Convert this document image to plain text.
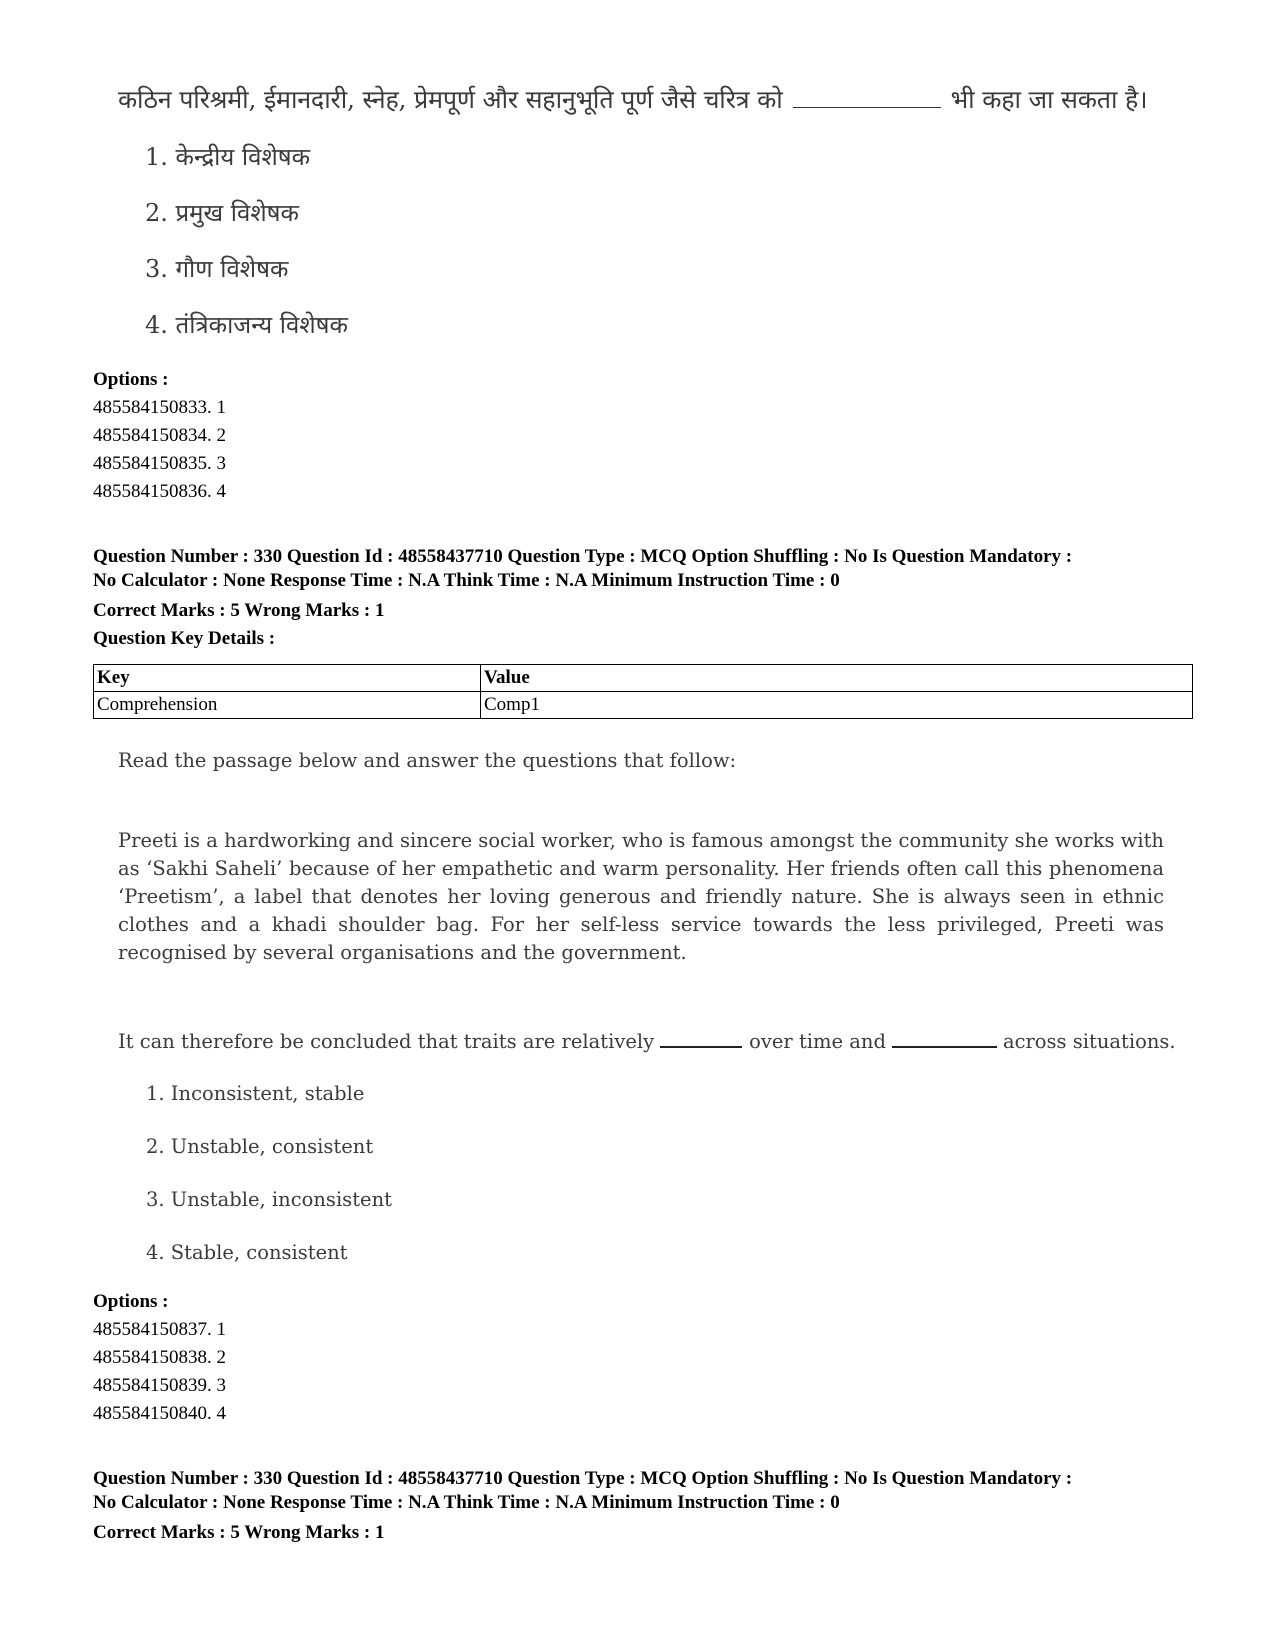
कठिन परिश्रमी, ईमानदारी, स्नेह, प्रेमपूर्ण और सहानुभूति पूर्ण जैसे चरित्र को	भी कहा जा सकता है।
1. केन्द्रीय विशेषक
2. प्रमुख विशेषक
3. गौण विशेषक
4. तंत्रिकाजन्य विशेषक
Options :
485584150833. 1
485584150834. 2
485584150835. 3
485584150836. 4
Question Number : 330 Question Id : 48558437710 Question Type : MCQ Option Shuffling : No Is Question Mandatory :
No Calculator : None Response Time : N.A Think Time : N.A Minimum Instruction Time : 0
Correct Marks : 5 Wrong Marks : 1
Question Key Details :
Key	Value
Comprehension	Comp1
Read the passage below and answer the questions that follow:
Preeti is a hardworking and sincere social worker, who is famous amongst the community she works with as ‘Sakhi Saheli’ because of her empathetic and warm personality. Her friends often call this phenomena ‘Preetism’, a label that denotes her loving generous and friendly nature. She is always seen in ethnic clothes and a khadi shoulder bag. For her self-less service towards the less privileged, Preeti was recognised by several organisations and the government.
It can therefore be concluded that traits are relatively	over time and	across situations.
1. Inconsistent, stable
2. Unstable, consistent
3. Unstable, inconsistent
4. Stable, consistent
Options :
485584150837. 1
485584150838. 2
485584150839. 3
485584150840. 4
Question Number : 330 Question Id : 48558437710 Question Type : MCQ Option Shuffling : No Is Question Mandatory :
No Calculator : None Response Time : N.A Think Time : N.A Minimum Instruction Time : 0
Correct Marks : 5 Wrong Marks : 1
